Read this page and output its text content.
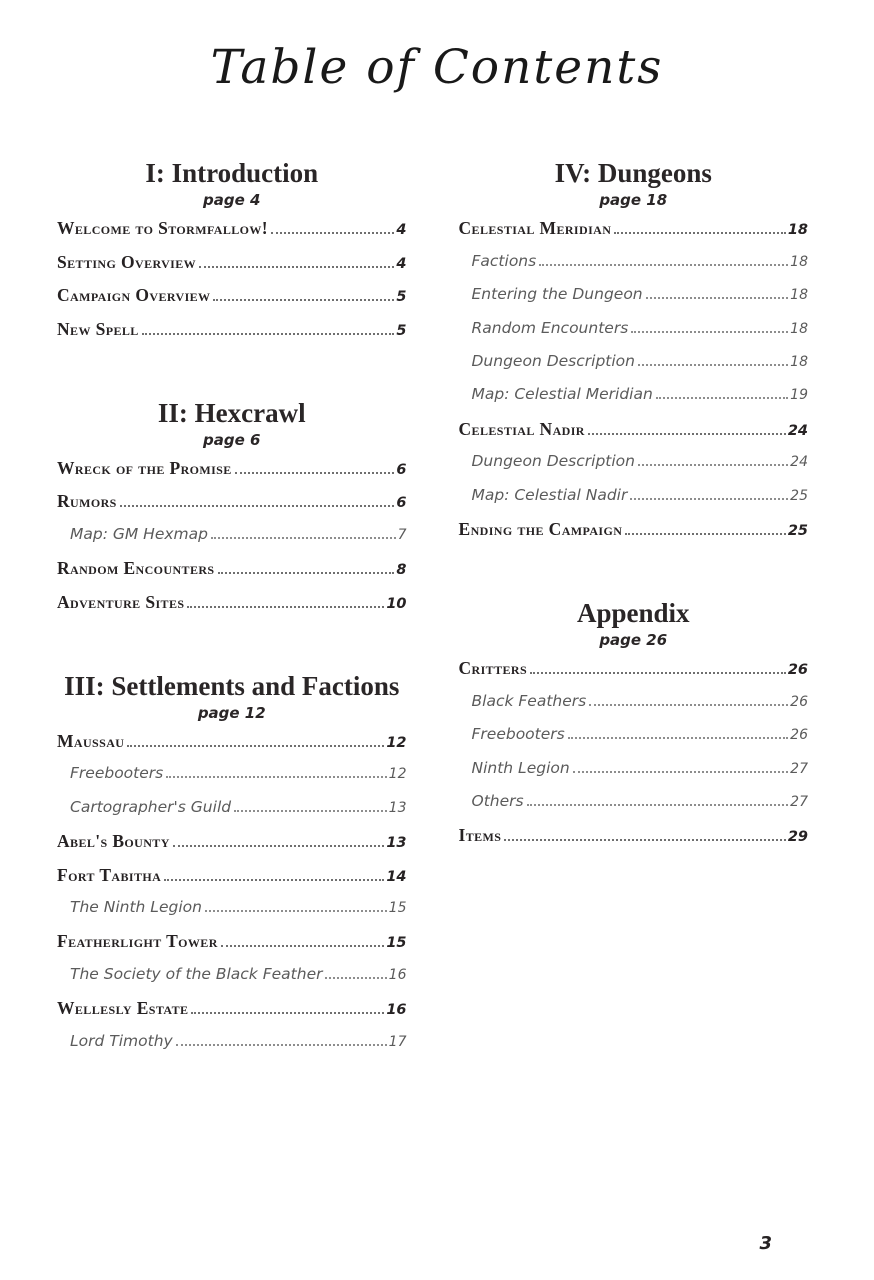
Table of Contents
I: Introduction
page 4
Welcome to Stormfallow!	4
Setting Overview	4
Campaign Overview	5
New Spell	5
II: Hexcrawl
page 6
Wreck of the Promise	6
Rumors	6
Map: GM Hexmap	7
Random Encounters	8
Adventure Sites	10
III: Settlements and Factions
page 12
Maussau	12
Freebooters	12
Cartographer's Guild	13
Abel's Bounty	13
Fort Tabitha	14
The Ninth Legion	15
Featherlight Tower	15
The Society of the Black Feather	16
Wellesly Estate	16
Lord Timothy	17
IV: Dungeons
page 18
Celestial Meridian	18
Factions	18
Entering the Dungeon	18
Random Encounters	18
Dungeon Description	18
Map: Celestial Meridian	19
Celestial Nadir	24
Dungeon Description	24
Map: Celestial Nadir	25
Ending the Campaign	25
Appendix
page 26
Critters	26
Black Feathers	26
Freebooters	26
Ninth Legion	27
Others	27
Items	29
3
